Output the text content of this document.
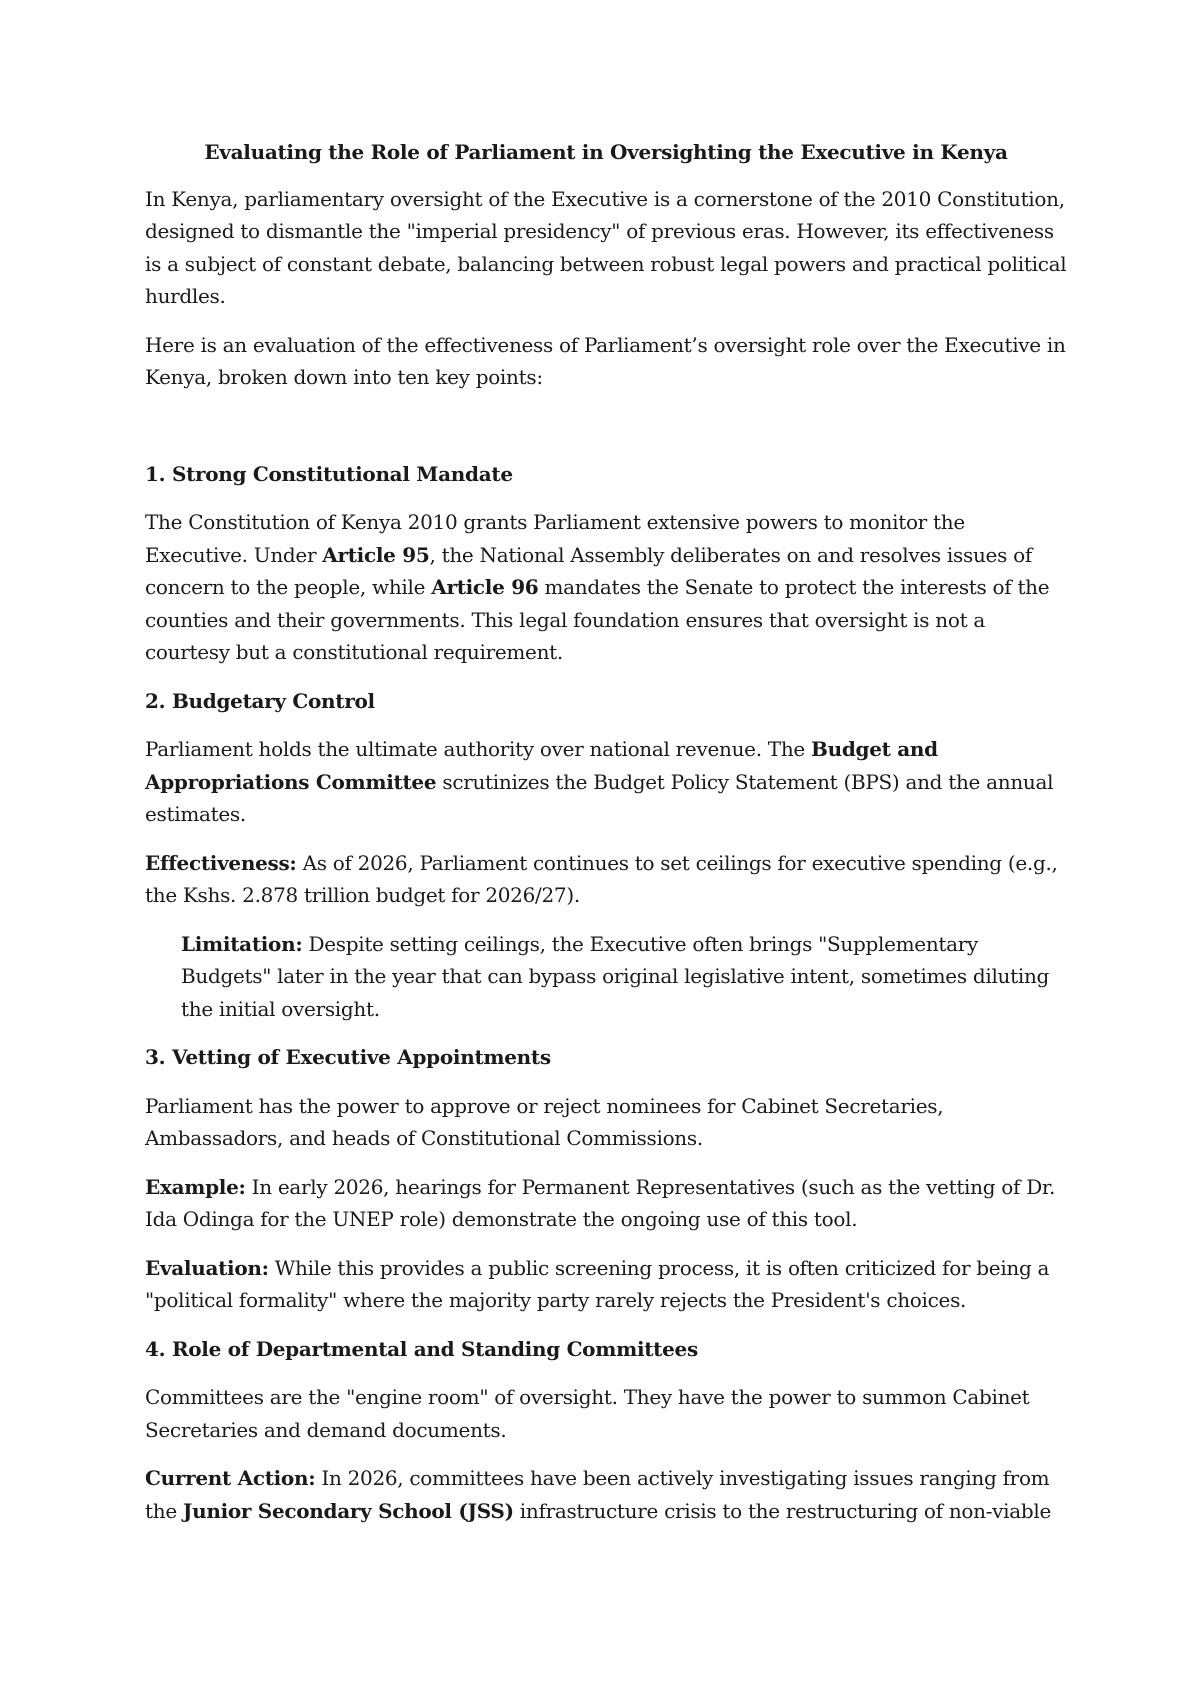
Evaluating the Role of Parliament in Oversighting the Executive in Kenya

In Kenya, parliamentary oversight of the Executive is a cornerstone of the 2010 Constitution, designed to dismantle the "imperial presidency" of previous eras. However, its effectiveness is a subject of constant debate, balancing between robust legal powers and practical political hurdles.

Here is an evaluation of the effectiveness of Parliament’s oversight role over the Executive in Kenya, broken down into ten key points:

1. Strong Constitutional Mandate

The Constitution of Kenya 2010 grants Parliament extensive powers to monitor the Executive. Under Article 95, the National Assembly deliberates on and resolves issues of concern to the people, while Article 96 mandates the Senate to protect the interests of the counties and their governments. This legal foundation ensures that oversight is not a courtesy but a constitutional requirement.

2. Budgetary Control

Parliament holds the ultimate authority over national revenue. The Budget and Appropriations Committee scrutinizes the Budget Policy Statement (BPS) and the annual estimates.

Effectiveness: As of 2026, Parliament continues to set ceilings for executive spending (e.g., the Kshs. 2.878 trillion budget for 2026/27).

Limitation: Despite setting ceilings, the Executive often brings "Supplementary Budgets" later in the year that can bypass original legislative intent, sometimes diluting the initial oversight.

3. Vetting of Executive Appointments

Parliament has the power to approve or reject nominees for Cabinet Secretaries, Ambassadors, and heads of Constitutional Commissions.

Example: In early 2026, hearings for Permanent Representatives (such as the vetting of Dr. Ida Odinga for the UNEP role) demonstrate the ongoing use of this tool.

Evaluation: While this provides a public screening process, it is often criticized for being a "political formality" where the majority party rarely rejects the President's choices.

4. Role of Departmental and Standing Committees

Committees are the "engine room" of oversight. They have the power to summon Cabinet Secretaries and demand documents.

Current Action: In 2026, committees have been actively investigating issues ranging from the Junior Secondary School (JSS) infrastructure crisis to the restructuring of non-viable
